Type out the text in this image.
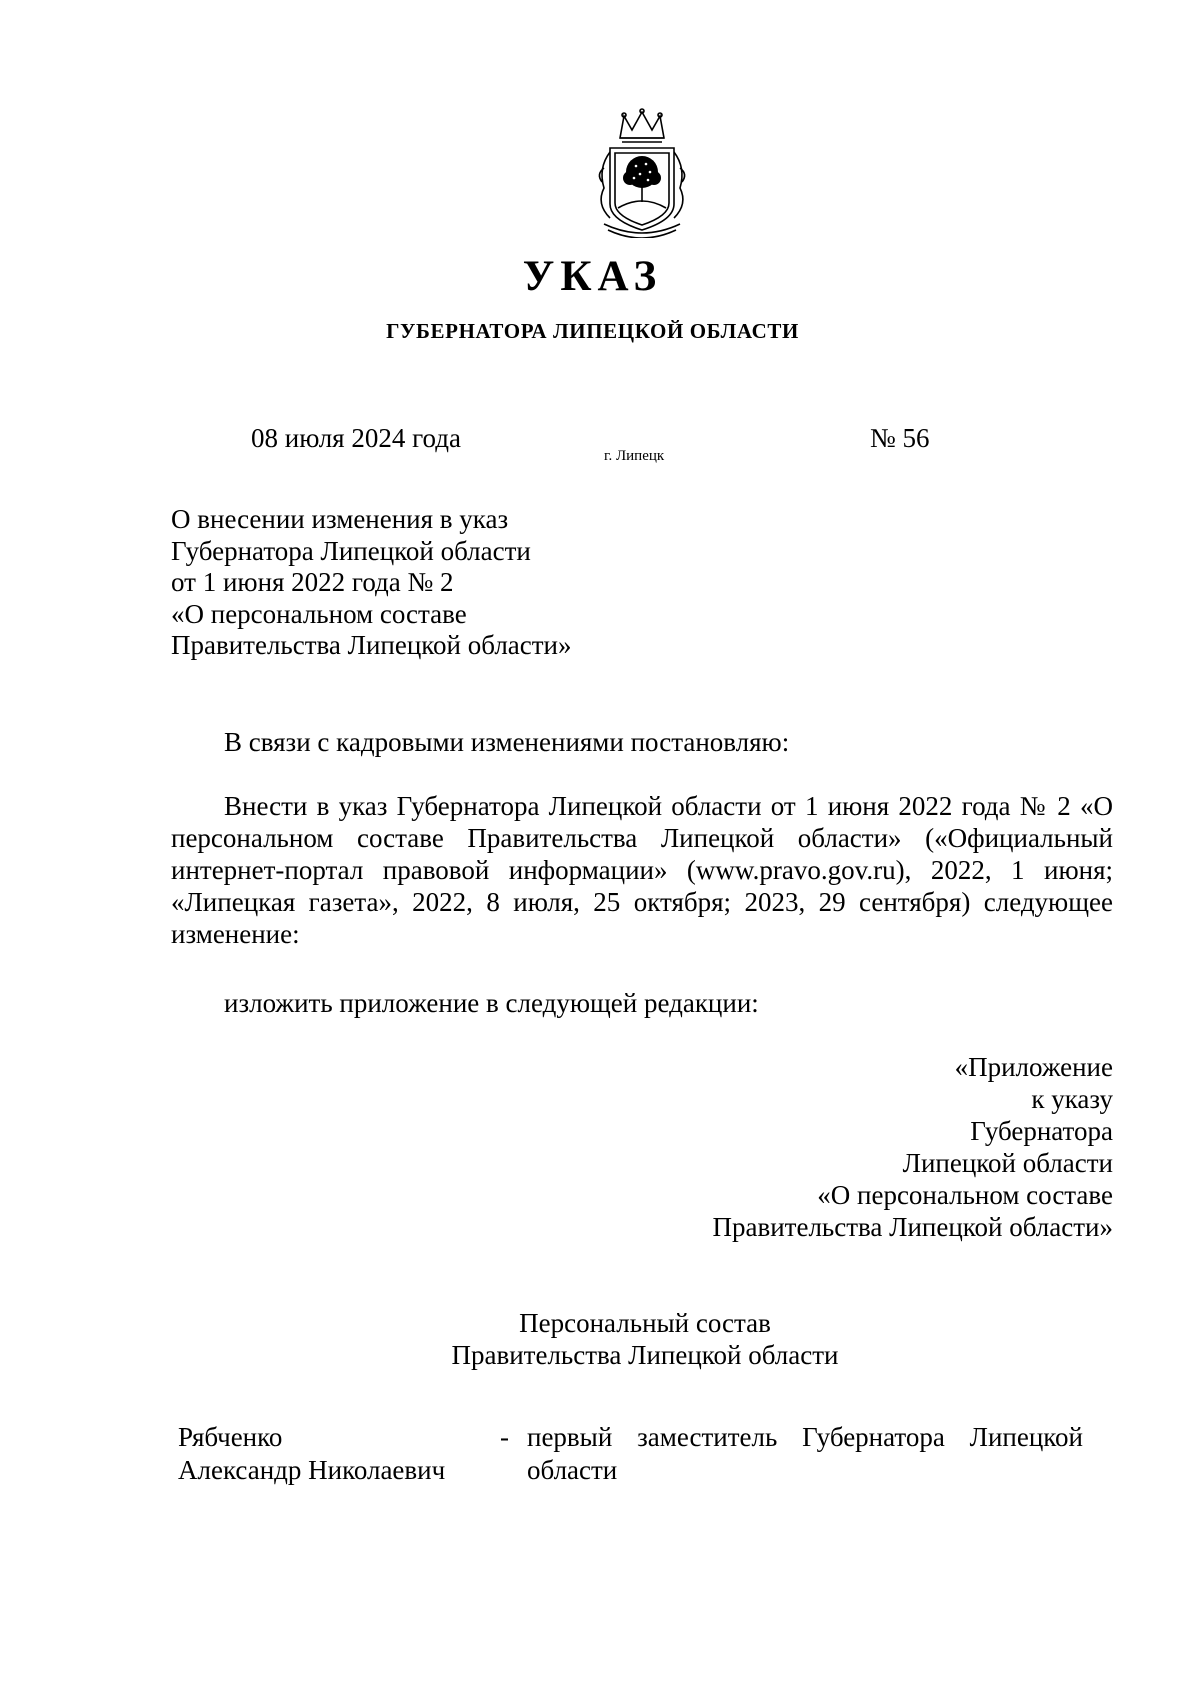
УКАЗ
ГУБЕРНАТОРА ЛИПЕЦКОЙ ОБЛАСТИ
08 июля 2024 года
г. Липецк
№ 56
О внесении изменения в указ
Губернатора Липецкой области
от 1 июня 2022 года № 2
«О персональном составе
Правительства Липецкой области»
В связи с кадровыми изменениями постановляю:
Внести в указ Губернатора Липецкой области от 1 июня 2022 года № 2 «О персональном составе Правительства Липецкой области» («Официальный интернет-портал правовой информации» (www.pravo.gov.ru), 2022, 1 июня; «Липецкая газета», 2022, 8 июля, 25 октября; 2023, 29 сентября) следующее изменение:
изложить приложение в следующей редакции:
«Приложение
к указу
Губернатора
Липецкой области
«О персональном составе
Правительства Липецкой области»
Персональный состав
Правительства Липецкой области
Рябченко
Александр Николаевич
- первый заместитель Губернатора Липецкой области
